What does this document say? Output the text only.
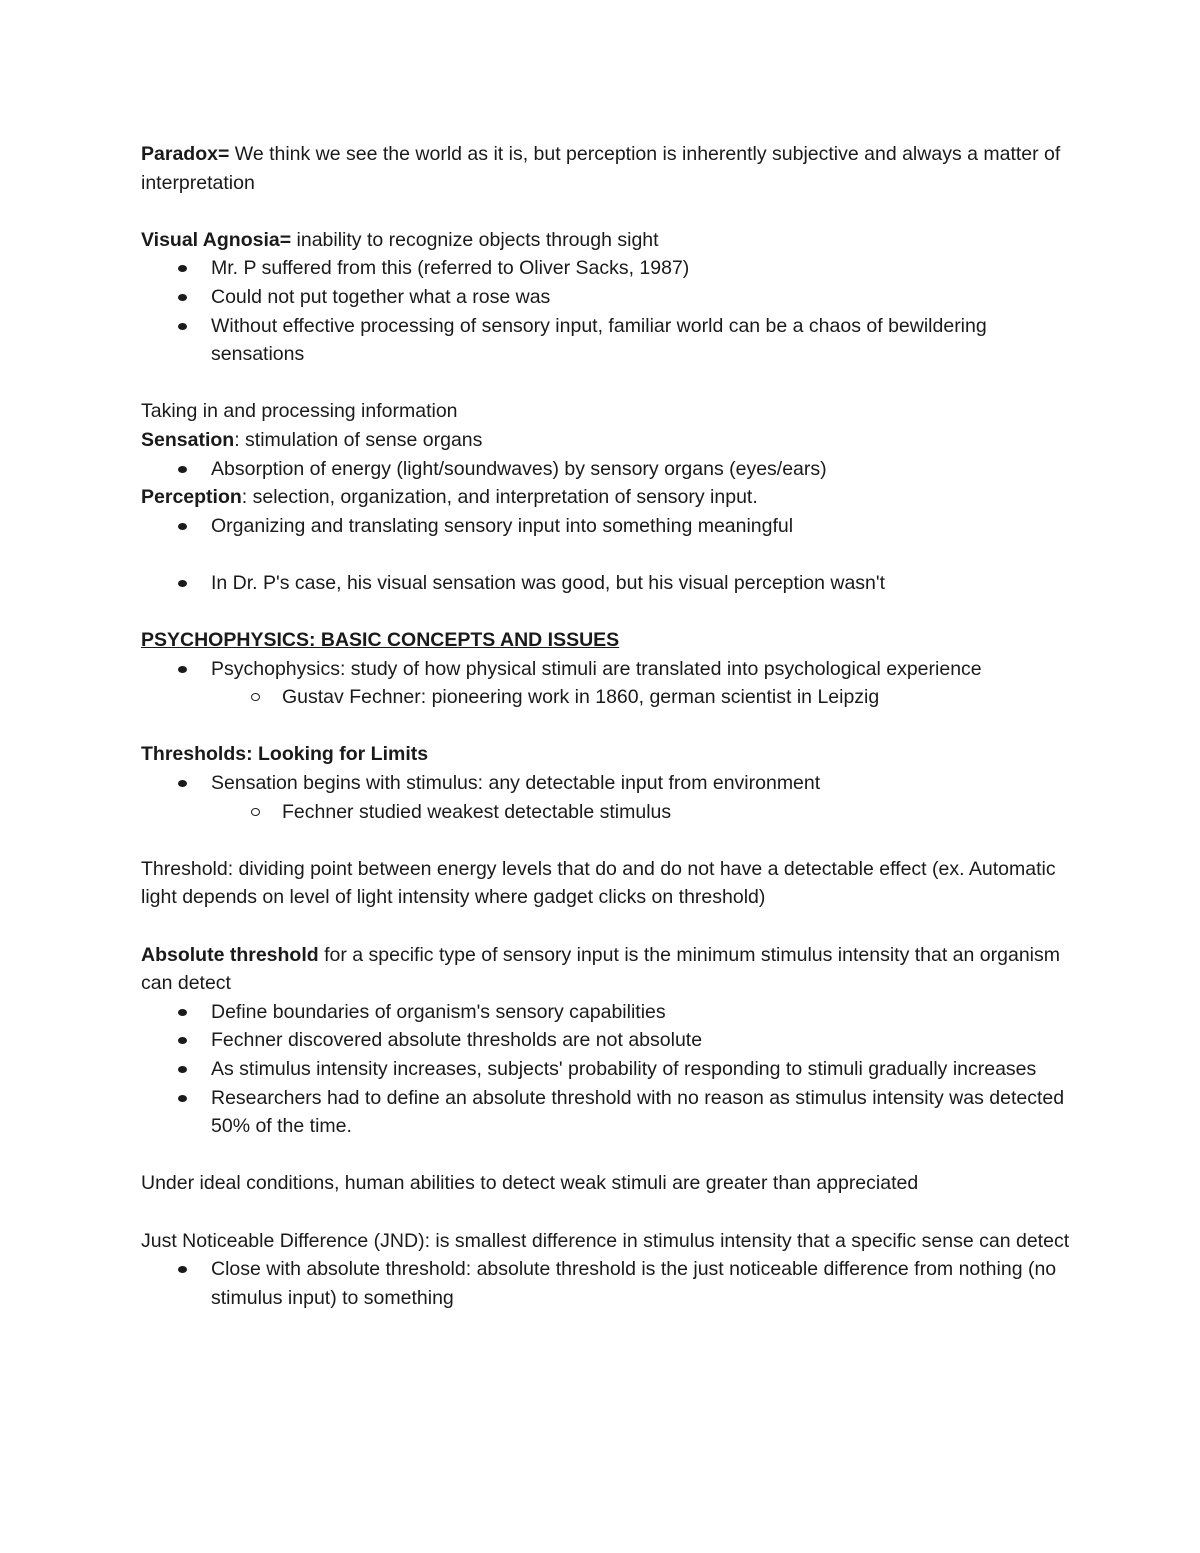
Paradox= We think we see the world as it is, but perception is inherently subjective and always a matter of interpretation

Visual Agnosia= inability to recognize objects through sight

Mr. P suffered from this (referred to Oliver Sacks, 1987)
Could not put together what a rose was
Without effective processing of sensory input, familiar world can be a chaos of bewildering sensations

Taking in and processing information

Sensation: stimulation of sense organs

Absorption of energy (light/soundwaves) by sensory organs (eyes/ears)

Perception: selection, organization, and interpretation of sensory input.

Organizing and translating sensory input into something meaningful
In Dr. P's case, his visual sensation was good, but his visual perception wasn't

PSYCHOPHYSICS: BASIC CONCEPTS AND ISSUES

Psychophysics: study of how physical stimuli are translated into psychological experience
Gustav Fechner: pioneering work in 1860, german scientist in Leipzig

Thresholds: Looking for Limits

Sensation begins with stimulus: any detectable input from environment
Fechner studied weakest detectable stimulus

Threshold: dividing point between energy levels that do and do not have a detectable effect (ex. Automatic light depends on level of light intensity where gadget clicks on threshold)

Absolute threshold for a specific type of sensory input is the minimum stimulus intensity that an organism can detect

Define boundaries of organism's sensory capabilities
Fechner discovered absolute thresholds are not absolute
As stimulus intensity increases, subjects' probability of responding to stimuli gradually increases
Researchers had to define an absolute threshold with no reason as stimulus intensity was detected 50% of the time.

Under ideal conditions, human abilities to detect weak stimuli are greater than appreciated

Just Noticeable Difference (JND): is smallest difference in stimulus intensity that a specific sense can detect

Close with absolute threshold: absolute threshold is the just noticeable difference from nothing (no stimulus input) to something
